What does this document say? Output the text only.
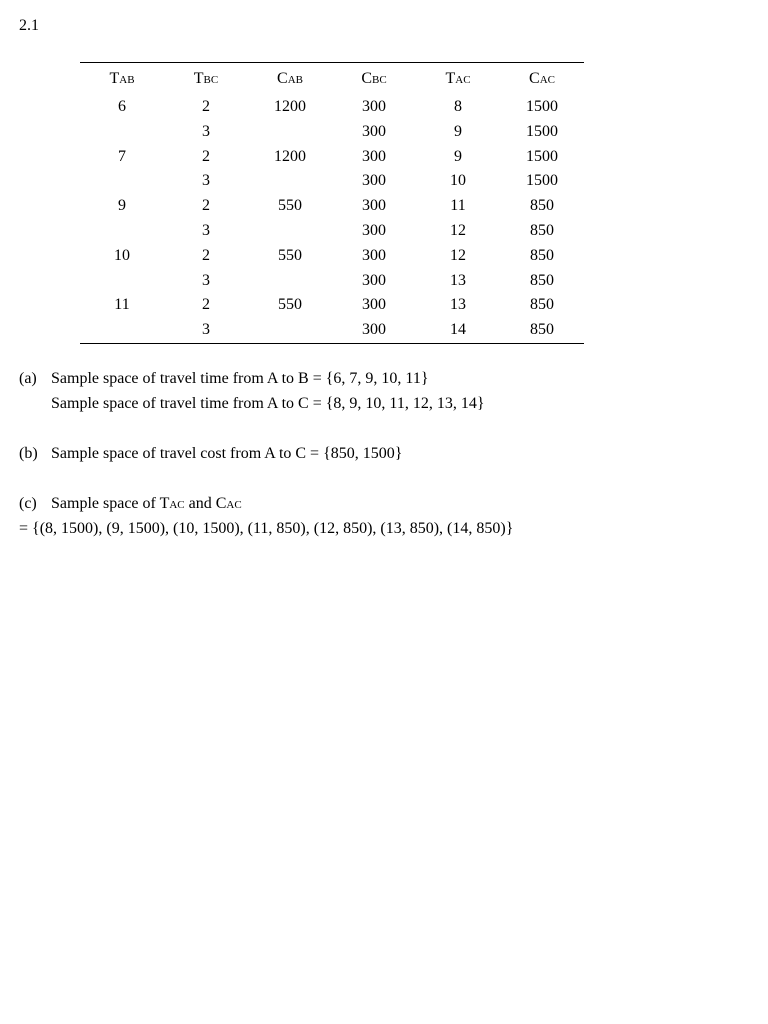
2.1
TAB	TBC	CAB	CBC	TAC	CAC
6	2	1200	300	8	1500
	3		300	9	1500
7	2	1200	300	9	1500
	3		300	10	1500
9	2	550	300	11	850
	3		300	12	850
10	2	550	300	12	850
	3		300	13	850
11	2	550	300	13	850
	3		300	14	850
(a) Sample space of travel time from A to B = {6, 7, 9, 10, 11}
Sample space of travel time from A to C = {8, 9, 10, 11, 12, 13, 14}
(b) Sample space of travel cost from A to C = {850, 1500}
(c) Sample space of TAC and CAC
= {(8, 1500), (9, 1500), (10, 1500), (11, 850), (12, 850), (13, 850), (14, 850)}
